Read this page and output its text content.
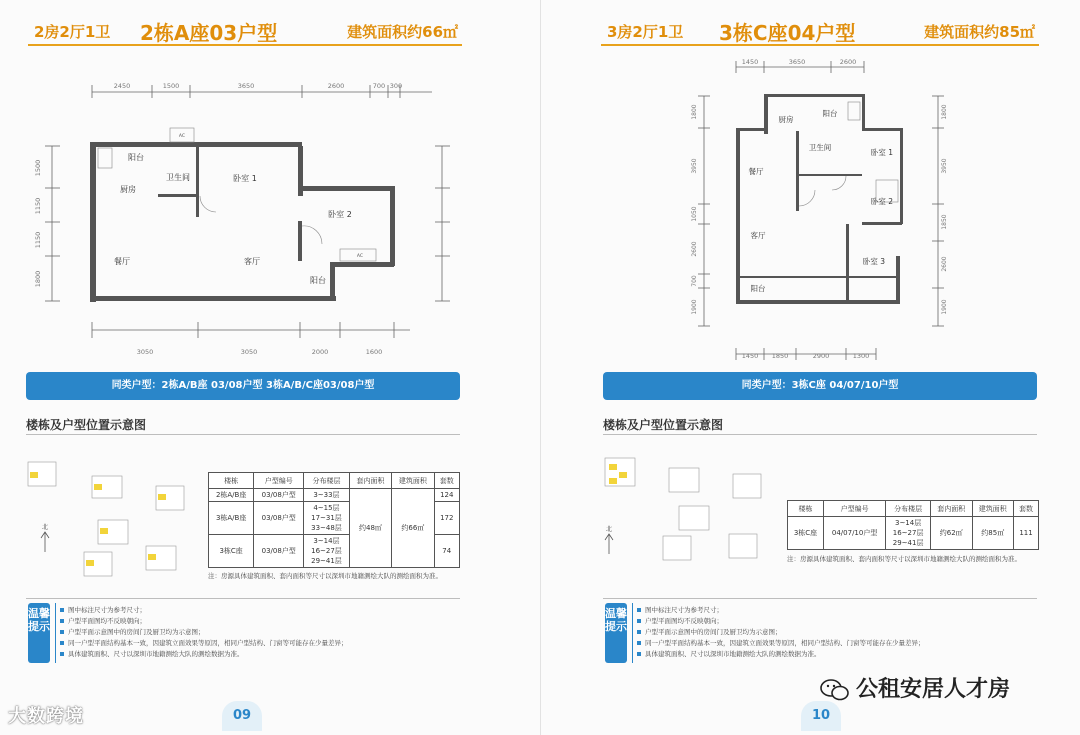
2房2厅1卫 2栋A座03户型	建筑面积约66㎡
2450	1500	3650	2600	700 300
3050	3050	2000	1600
1500
1150
1150
1800
阳台
厨房
卫生间	卧室 1
卧室 2
餐厅	客厅
阳台
AC
AC
同类户型：2栋A/B座 03/08户型 3栋A/B/C座03/08户型
楼栋及户型位置示意图
北
楼栋	户型编号	分布楼层	套内面积	建筑面积	套数
2栋A/B座	03/08户型	3~33层	约48㎡	约66㎡	124
3栋A/B座	03/08户型	4~15层
17~31层
33~48层			172
3栋C座	03/08户型	3~14层
16~27层
29~41层			74
注：房源具体建筑面积、套内面积等尺寸以深圳市地籍测绘大队的测绘面积为准。
温馨提示
图中标注尺寸为参考尺寸；
户型平面图均不反映朝向；
户型平面示意图中的房间门及厨卫均为示意图；
同一户型平面结构基本一致，因建筑立面效果等原因，相同户型结构、门窗等可能存在少量差异；
具体建筑面积、尺寸以深圳市地籍测绘大队的测绘数据为准。
09
3房2厅1卫 3栋C座04户型	建筑面积约85㎡
1450	3650	2600
1450 1850	2900	1300
1800
3950
1050
2600
700
1900
1800
3950
1850
2600
1900
厨房
阳台
卫生间
卧室 1
餐厅
卧室 2
客厅
卧室 3
阳台
同类户型：3栋C座 04/07/10户型
楼栋及户型位置示意图
北
楼栋	户型编号	分布楼层	套内面积	建筑面积	套数
3栋C座	04/07/10户型	3~14层
16~27层
29~41层	约62㎡	约85㎡	111
注：房源具体建筑面积、套内面积等尺寸以深圳市地籍测绘大队的测绘面积为准。
温馨提示
图中标注尺寸为参考尺寸；
户型平面图均不反映朝向；
户型平面示意图中的房间门及厨卫均为示意图；
同一户型平面结构基本一致，因建筑立面效果等原因，相同户型结构、门窗等可能存在少量差异；
具体建筑面积、尺寸以深圳市地籍测绘大队的测绘数据为准。
10
大数跨境
公租安居人才房
